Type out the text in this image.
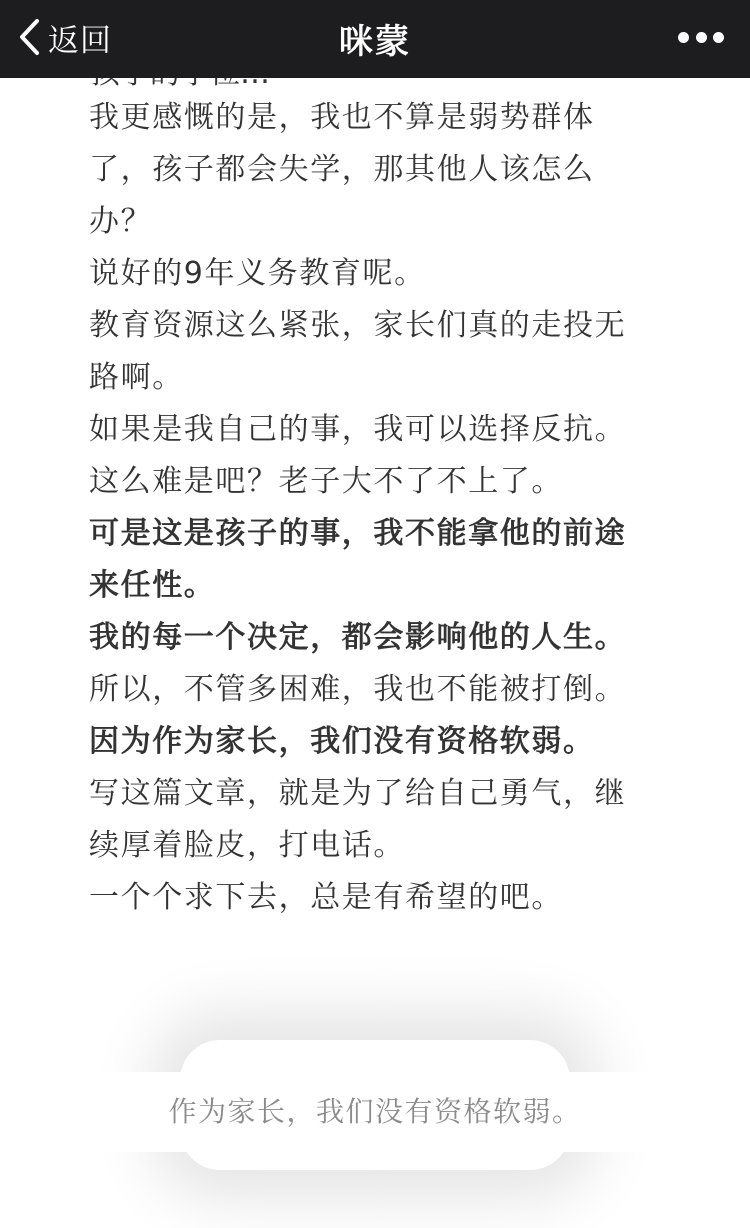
返回	咪蒙

我更感慨的是，我也不算是弱势群体了，孩子都会失学，那其他人该怎么办？

说好的9年义务教育呢。

教育资源这么紧张，家长们真的走投无路啊。

如果是我自己的事，我可以选择反抗。

这么难是吧？老子大不了不上了。

可是这是孩子的事，我不能拿他的前途来任性。

我的每一个决定，都会影响他的人生。

所以，不管多困难，我也不能被打倒。

因为作为家长，我们没有资格软弱。

写这篇文章，就是为了给自己勇气，继续厚着脸皮，打电话。

一个个求下去，总是有希望的吧。

作为家长，我们没有资格软弱。
